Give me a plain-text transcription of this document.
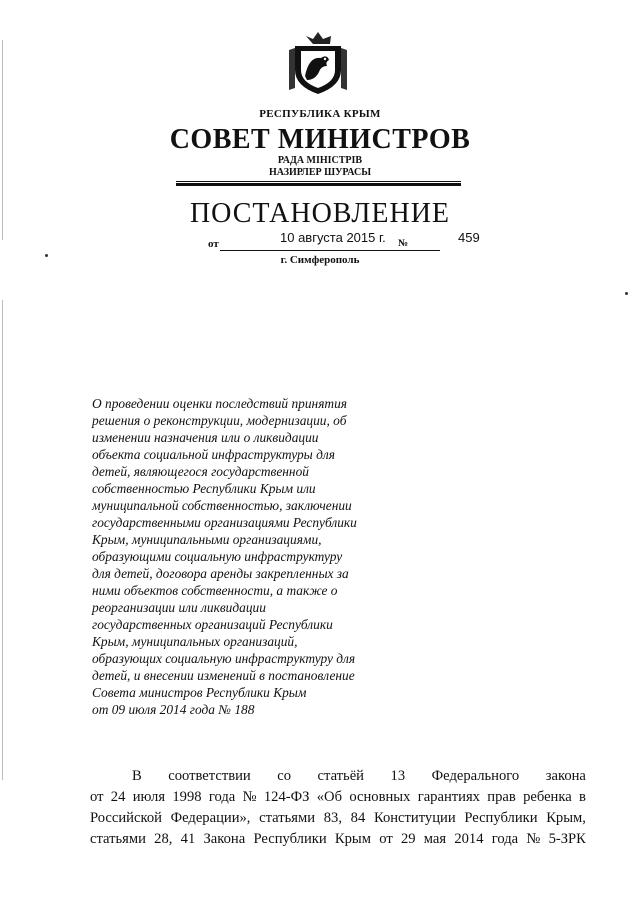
РЕСПУБЛИКА КРЫМ
СОВЕТ МИНИСТРОВ
РАДА МІНІСТРІВ
НАЗИРЛЕР ШУРАСЫ
ПОСТАНОВЛЕНИЕ
от	10 августа 2015 г. №	459
г. Симферополь
О проведении оценки последствий принятия
решения о реконструкции, модернизации, об
изменении назначения или о ликвидации
объекта социальной инфраструктуры для
детей, являющегося государственной
собственностью Республики Крым или
муниципальной собственностью, заключении
государственными организациями Республики
Крым, муниципальными организациями,
образующими социальную инфраструктуру
для детей, договора аренды закрепленных за
ними объектов собственности, а также о
реорганизации или ликвидации
государственных организаций Республики
Крым, муниципальных организаций,
образующих социальную инфраструктуру для
детей, и внесении изменений в постановление
Совета министров Республики Крым
от 09 июля 2014 года № 188
В соответствии со статьёй 13 Федерального закона
от 24 июля 1998 года № 124-ФЗ «Об основных гарантиях прав ребенка в
Российской Федерации», статьями 83, 84 Конституции Республики Крым,
статьями 28, 41 Закона Республики Крым от 29 мая 2014 года № 5-ЗРК
